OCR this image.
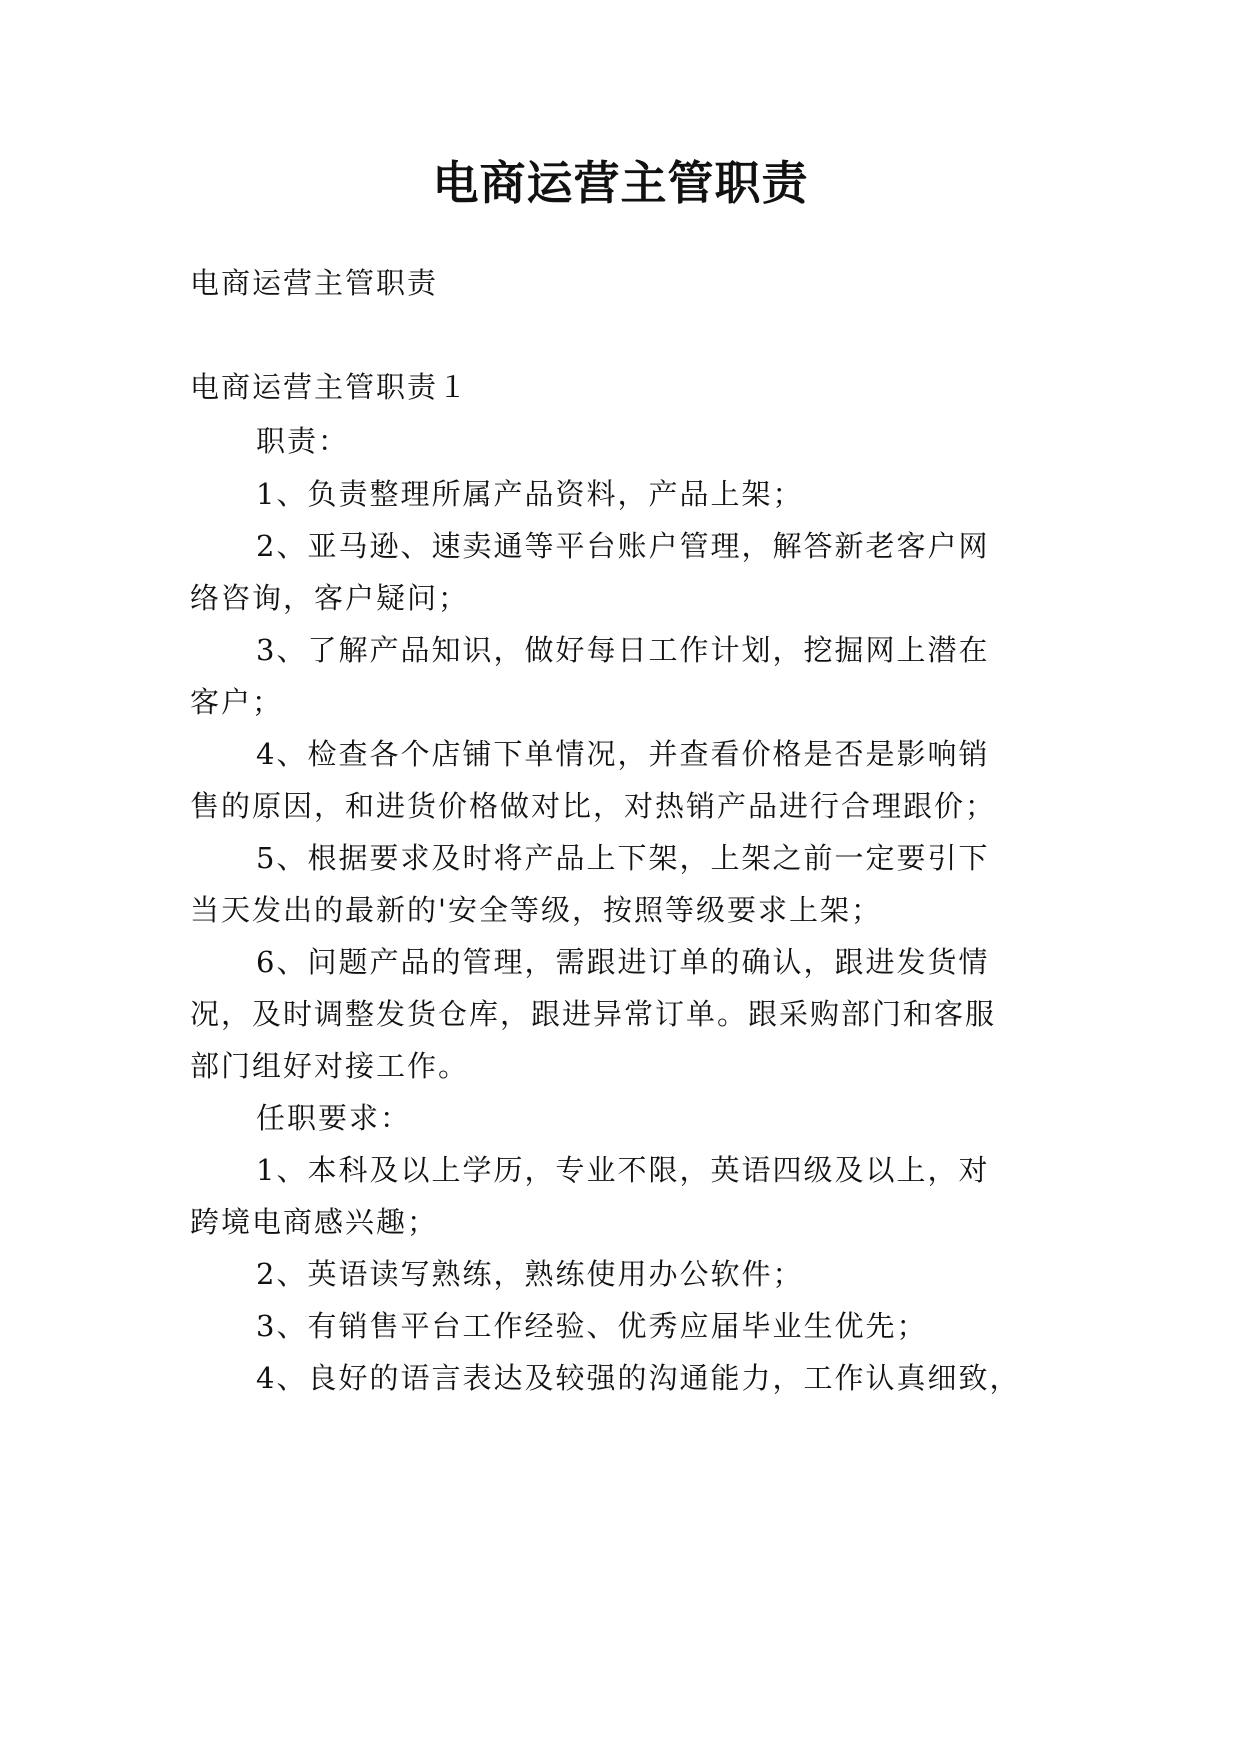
电商运营主管职责
电商运营主管职责
电商运营主管职责１
职责：
1、负责整理所属产品资料，产品上架；
2、亚马逊、速卖通等平台账户管理，解答新老客户网
络咨询，客户疑问；
3、了解产品知识，做好每日工作计划，挖掘网上潜在
客户；
4、检查各个店铺下单情况，并查看价格是否是影响销
售的原因，和进货价格做对比，对热销产品进行合理跟价；
5、根据要求及时将产品上下架，上架之前一定要引下
当天发出的最新的'安全等级，按照等级要求上架；
6、问题产品的管理，需跟进订单的确认，跟进发货情
况，及时调整发货仓库，跟进异常订单。跟采购部门和客服
部门组好对接工作。
任职要求：
1、本科及以上学历，专业不限，英语四级及以上，对
跨境电商感兴趣；
2、英语读写熟练，熟练使用办公软件；
3、有销售平台工作经验、优秀应届毕业生优先；
4、良好的语言表达及较强的沟通能力，工作认真细致，
